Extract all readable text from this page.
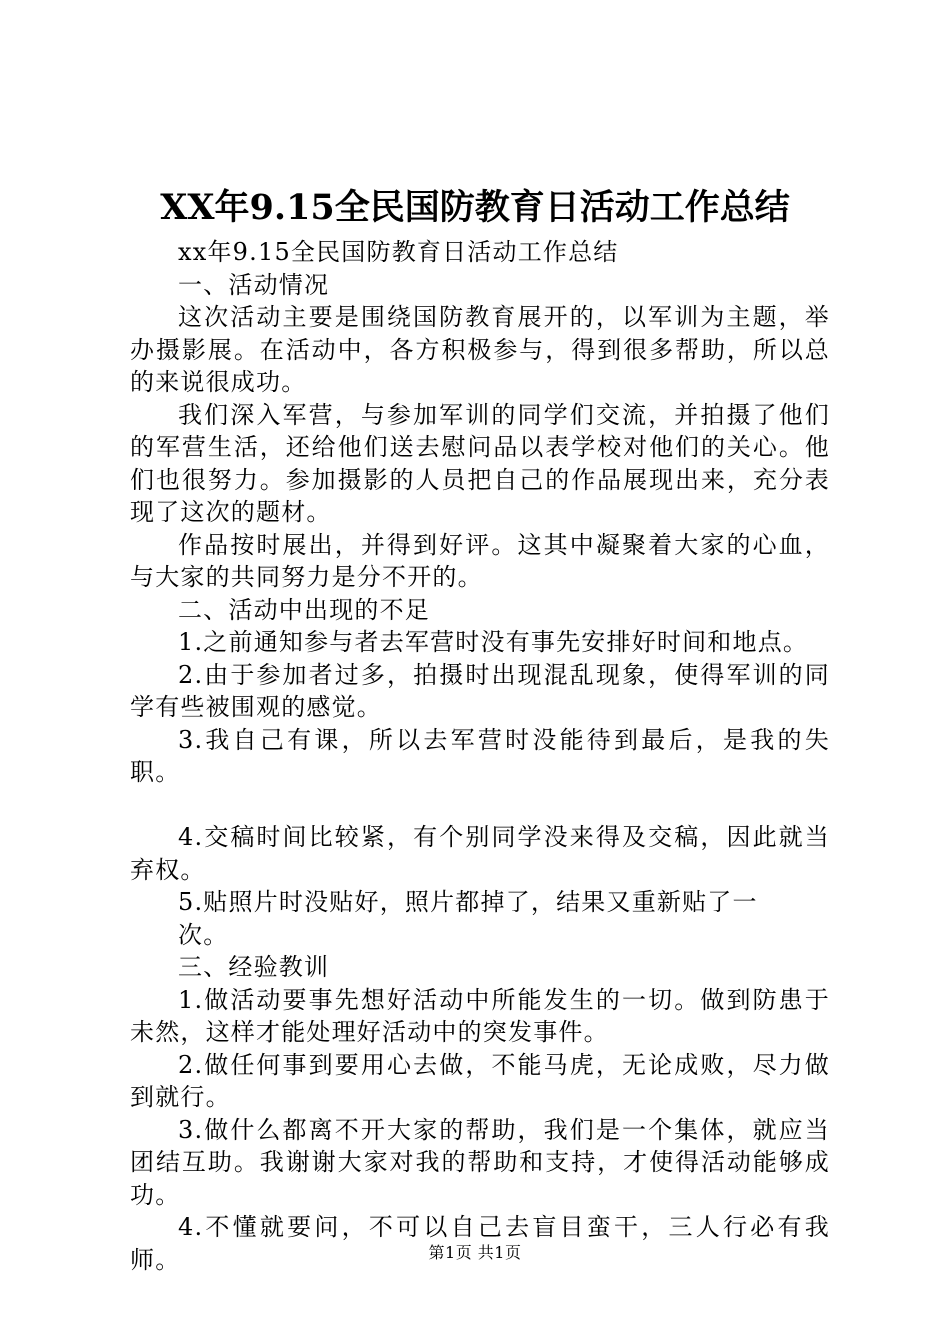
XX年9.15全民国防教育日活动工作总结

xx年9.15全民国防教育日活动工作总结

一、活动情况

这次活动主要是围绕国防教育展开的，以军训为主题，举办摄影展。在活动中，各方积极参与，得到很多帮助，所以总的来说很成功。

我们深入军营，与参加军训的同学们交流，并拍摄了他们的军营生活，还给他们送去慰问品以表学校对他们的关心。他们也很努力。参加摄影的人员把自己的作品展现出来，充分表现了这次的题材。

作品按时展出，并得到好评。这其中凝聚着大家的心血，与大家的共同努力是分不开的。

二、活动中出现的不足

1.之前通知参与者去军营时没有事先安排好时间和地点。

2.由于参加者过多，拍摄时出现混乱现象，使得军训的同学有些被围观的感觉。

3.我自己有课，所以去军营时没能待到最后，是我的失职。

4.交稿时间比较紧，有个别同学没来得及交稿，因此就当弃权。

5.贴照片时没贴好，照片都掉了，结果又重新贴了一

次。

三、经验教训

1.做活动要事先想好活动中所能发生的一切。做到防患于未然，这样才能处理好活动中的突发事件。

2.做任何事到要用心去做，不能马虎，无论成败，尽力做到就行。

3.做什么都离不开大家的帮助，我们是一个集体，就应当团结互助。我谢谢大家对我的帮助和支持，才使得活动能够成功。

4.不懂就要问，不可以自己去盲目蛮干，三人行必有我师。	第1页 共1页
